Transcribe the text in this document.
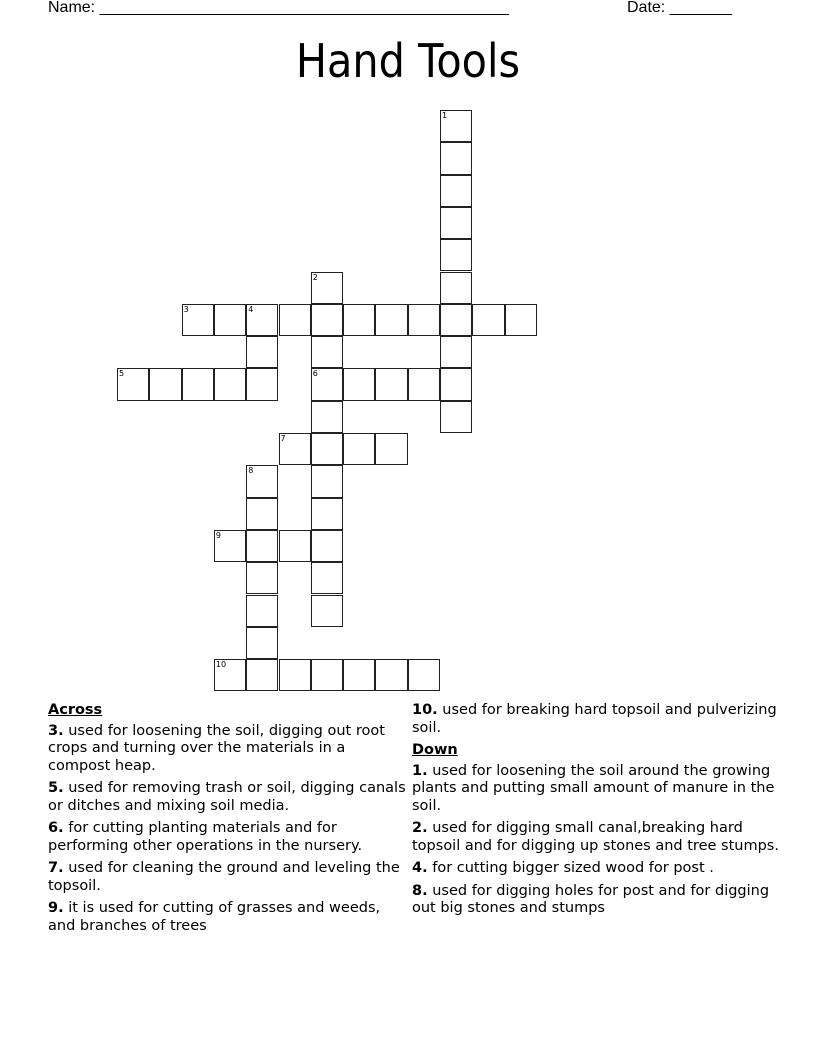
Name: ______________________________________________	Date: _______
Hand Tools
1
2
6
3	4
5
7
8
9
10
Across
3. used for loosening the soil, digging out root crops and turning over the materials in a compost heap.
5. used for removing trash or soil, digging canals or ditches and mixing soil media.
6. for cutting planting materials and for performing other operations in the nursery.
7. used for cleaning the ground and leveling the topsoil.
9. it is used for cutting of grasses and weeds, and branches of trees
10. used for breaking hard topsoil and pulverizing soil.
Down
1. used for loosening the soil around the growing plants and putting small amount of manure in the soil.
2. used for digging small canal,breaking hard topsoil and for digging up stones and tree stumps.
4. for cutting bigger sized wood for post .
8. used for digging holes for post and for digging out big stones and stumps
